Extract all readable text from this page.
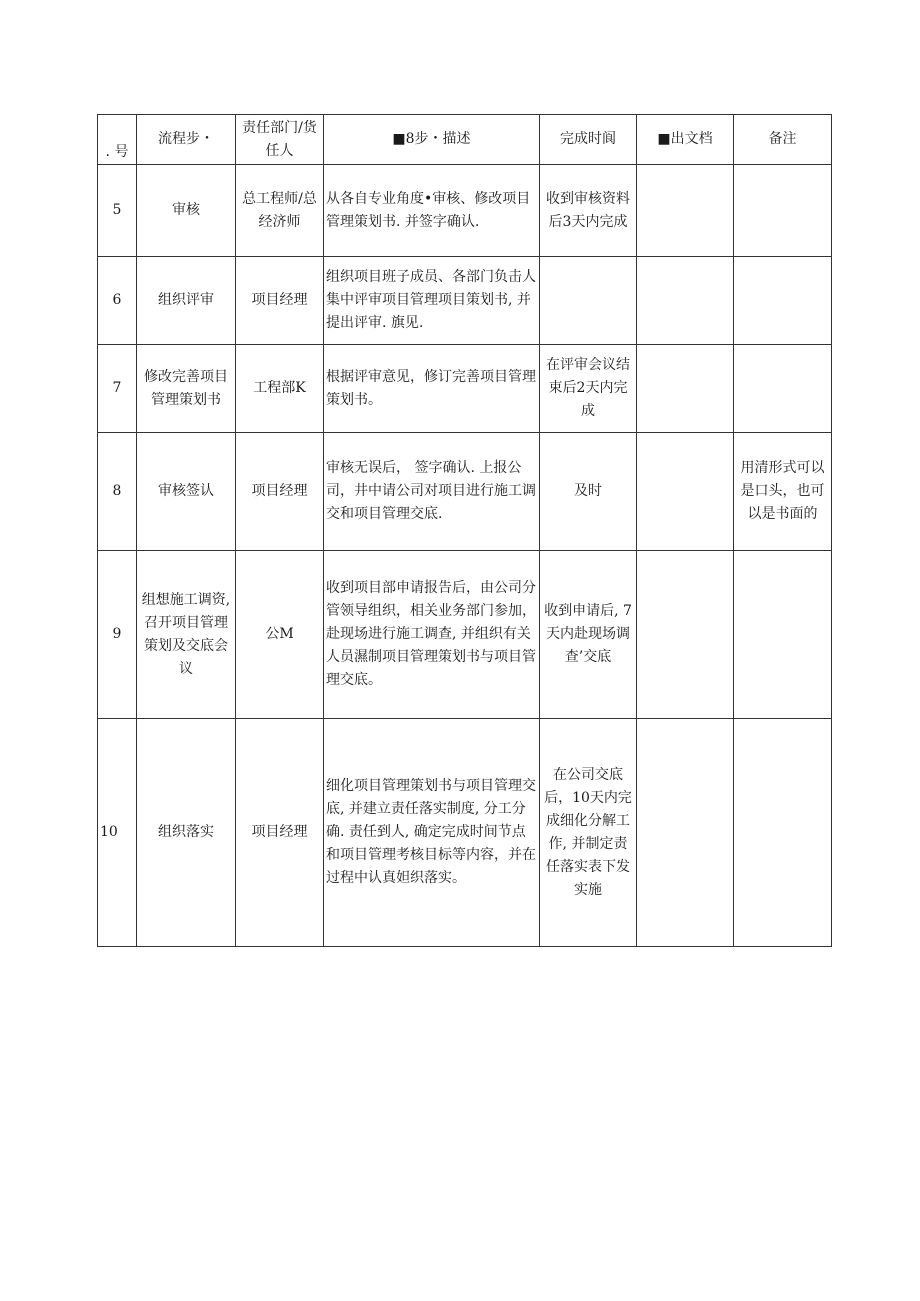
. 号	流程步・	责任部门/货任人	■8步・描述	完成时阆	■出文档	备注
5	审核	总工程师/总经济师	从各自专业角度•审核、修改项目管理策划书. 并签字确认.	收到审核资料后3天内完成		
6	组织评审	项目经理	组织项目班子成员、各部门负击人集中评审项目管理项目策划书, 并提出评审. 旗见.			
7	修改完善项目管理策划书	工程部K	根据评审意见，修订完善项目管理策划书。	在评审会议结束后2天内完成		
8	审核签认	项目经理	审核无误后， 签字确认. 上报公司，井中请公司对项目进行施工调交和项目管理交底.	及时		用清形式可以是口头，也可以是书面的
9	组想施工调资, 召开项目管理策划及交底会议	公M	收到项目部申请报告后，由公司分管领导组织，相关业务部门参加，赴现场进行施工调查, 并组织有关人员濕制项目管理策划书与项目管理交底。	收到申请后, 7天内赴现场调查’交底		
10	组织落实	项目经理	细化项目管理策划书与项目管理交底, 并建立责任落实制度, 分工分确. 责任到人, 确定完成时间节点和项目管理考核目标等内容，并在过程中认真妲织落实。	在公司交底后，10天内完成细化分解工作, 并制定责任落实表下发实施		
